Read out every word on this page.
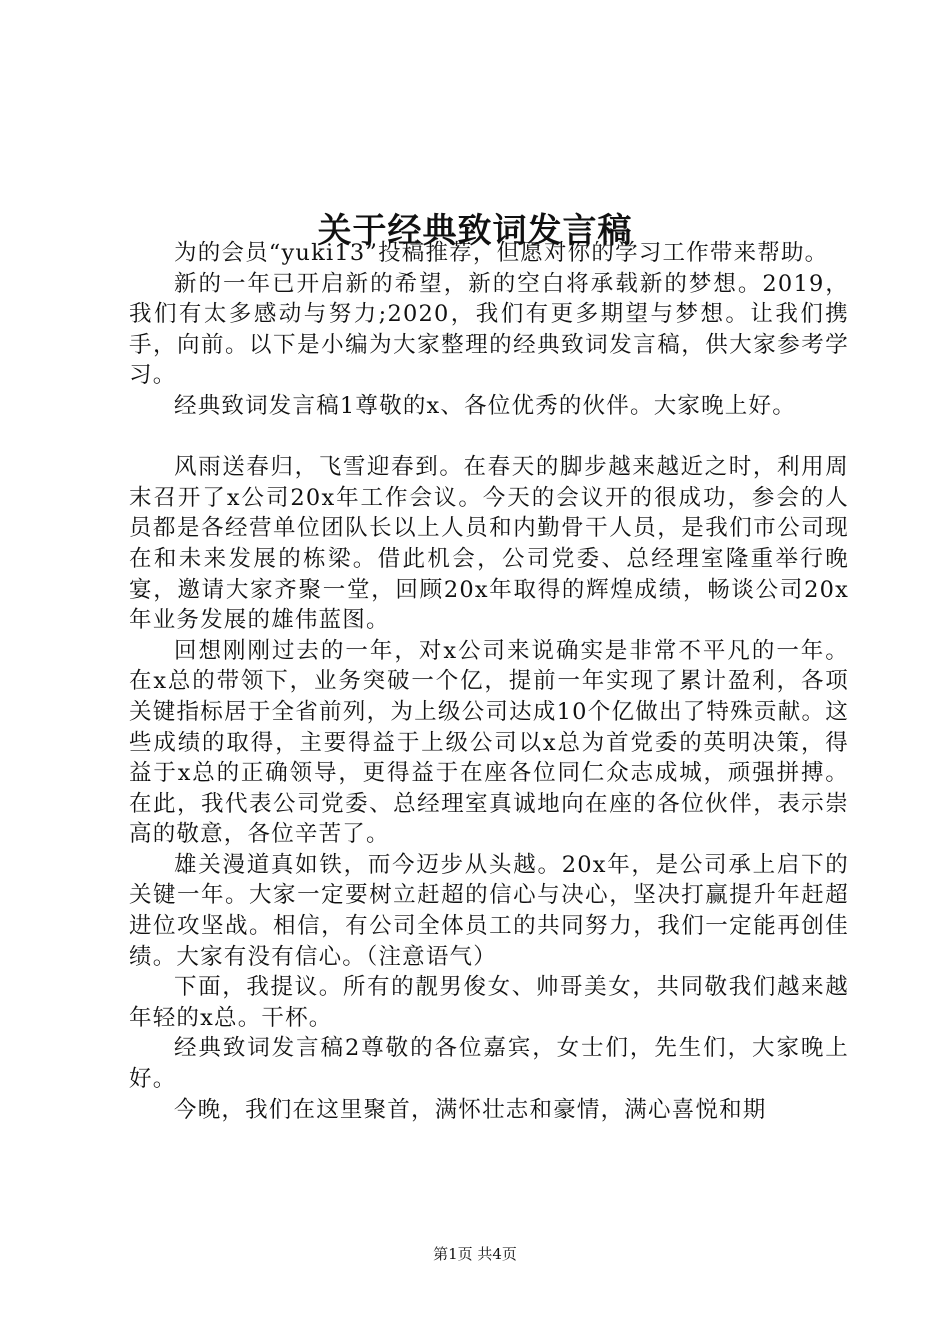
关于经典致词发言稿

为的会员“yuki13”投稿推荐，但愿对你的学习工作带来帮助。

新的一年已开启新的希望，新的空白将承载新的梦想。2019，我们有太多感动与努力;2020，我们有更多期望与梦想。让我们携手，向前。以下是小编为大家整理的经典致词发言稿，供大家参考学习。

经典致词发言稿1尊敬的x、各位优秀的伙伴。大家晚上好。

风雨送春归，飞雪迎春到。在春天的脚步越来越近之时，利用周末召开了x公司20x年工作会议。今天的会议开的很成功，参会的人员都是各经营单位团队长以上人员和内勤骨干人员，是我们市公司现在和未来发展的栋梁。借此机会，公司党委、总经理室隆重举行晚宴，邀请大家齐聚一堂，回顾20x年取得的辉煌成绩，畅谈公司20x年业务发展的雄伟蓝图。

回想刚刚过去的一年，对x公司来说确实是非常不平凡的一年。在x总的带领下，业务突破一个亿，提前一年实现了累计盈利，各项关键指标居于全省前列，为上级公司达成10个亿做出了特殊贡献。这些成绩的取得，主要得益于上级公司以x总为首党委的英明决策，得益于x总的正确领导，更得益于在座各位同仁众志成城，顽强拼搏。在此，我代表公司党委、总经理室真诚地向在座的各位伙伴，表示崇高的敬意，各位辛苦了。

雄关漫道真如铁，而今迈步从头越。20x年，是公司承上启下的关键一年。大家一定要树立赶超的信心与决心，坚决打赢提升年赶超进位攻坚战。相信，有公司全体员工的共同努力，我们一定能再创佳绩。大家有没有信心。（注意语气）

下面，我提议。所有的靓男俊女、帅哥美女，共同敬我们越来越年轻的x总。干杯。

经典致词发言稿2尊敬的各位嘉宾，女士们，先生们，大家晚上好。

今晚，我们在这里聚首，满怀壮志和豪情，满心喜悦和期

第1页 共4页
